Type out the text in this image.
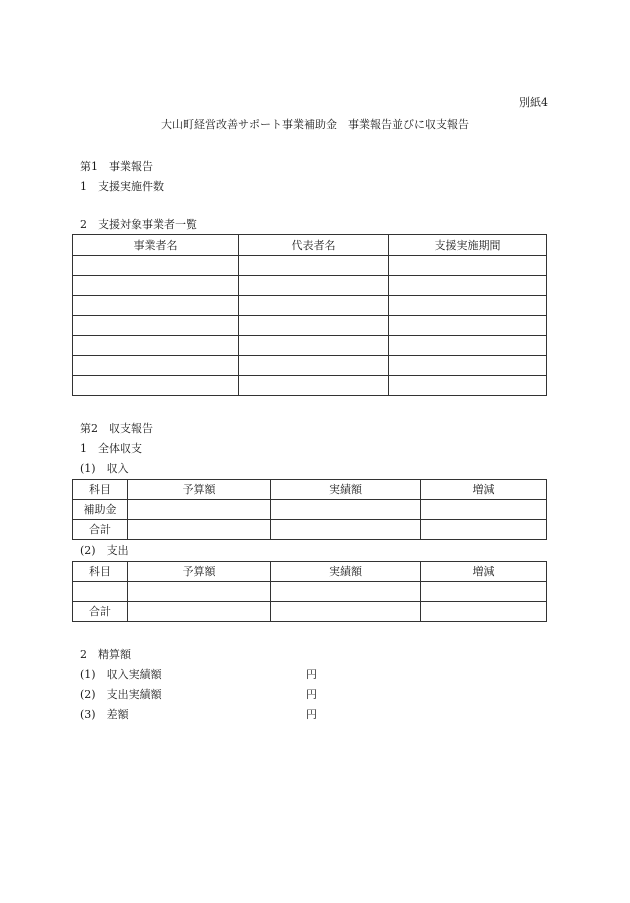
別紙4
大山町経営改善サポート事業補助金　事業報告並びに収支報告
第1　事業報告
1　支援実施件数
2　支援対象事業者一覧
事業者名	代表者名	支援実施期間

第2　収支報告
1　全体収支
(1)　収入
科目	予算額	実績額	増減
補助金			
合計			
(2)　支出
科目	予算額	実績額	増減

合計			
2　精算額
(1)　収入実績額	円
(2)　支出実績額	円
(3)　差額	円
